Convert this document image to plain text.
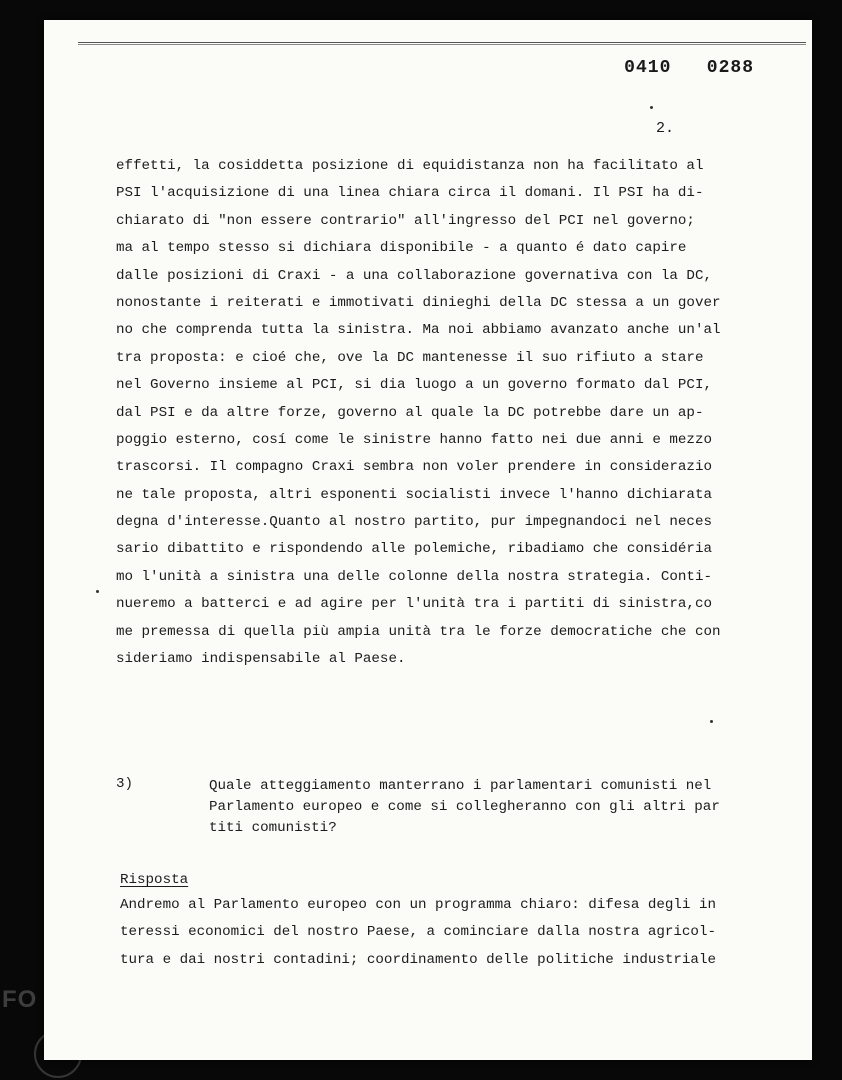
FO
0410   0288
2.
effetti, la cosiddetta posizione di equidistanza non ha facilitato al
PSI l'acquisizione di una linea chiara circa il domani. Il PSI ha di-
chiarato di "non essere contrario" all'ingresso del PCI nel governo;
ma al tempo stesso si dichiara disponibile - a quanto é dato capire
dalle posizioni di Craxi - a una collaborazione governativa con la DC,
nonostante i reiterati e immotivati dinieghi della DC stessa a un gover
no che comprenda tutta la sinistra. Ma noi abbiamo avanzato anche un'al
tra proposta: e cioé che, ove la DC mantenesse il suo rifiuto a stare
nel Governo insieme al PCI, si dia luogo a un governo formato dal PCI,
dal PSI e da altre forze, governo al quale la DC potrebbe dare un ap-
poggio esterno, cosí come le sinistre hanno fatto nei due anni e mezzo
trascorsi. Il compagno Craxi sembra non voler prendere in considerazio
ne tale proposta, altri esponenti socialisti invece l'hanno dichiarata
degna d'interesse.Quanto al nostro partito, pur impegnandoci nel neces
sario dibattito e rispondendo alle polemiche, ribadiamo che considéria
mo l'unità a sinistra una delle colonne della nostra strategia. Conti-
nueremo a batterci e ad agire per l'unità tra i partiti di sinistra,co
me premessa di quella più ampia unità tra le forze democratiche che con
sideriamo indispensabile al Paese.
3)	Quale atteggiamento manterrano i parlamentari comunisti nel
Parlamento europeo e come si collegheranno con gli altri par
titi comunisti?
Risposta
Andremo al Parlamento europeo con un programma chiaro: difesa degli in
teressi economici del nostro Paese, a cominciare dalla nostra agricol-
tura e dai nostri contadini; coordinamento delle politiche industriale
